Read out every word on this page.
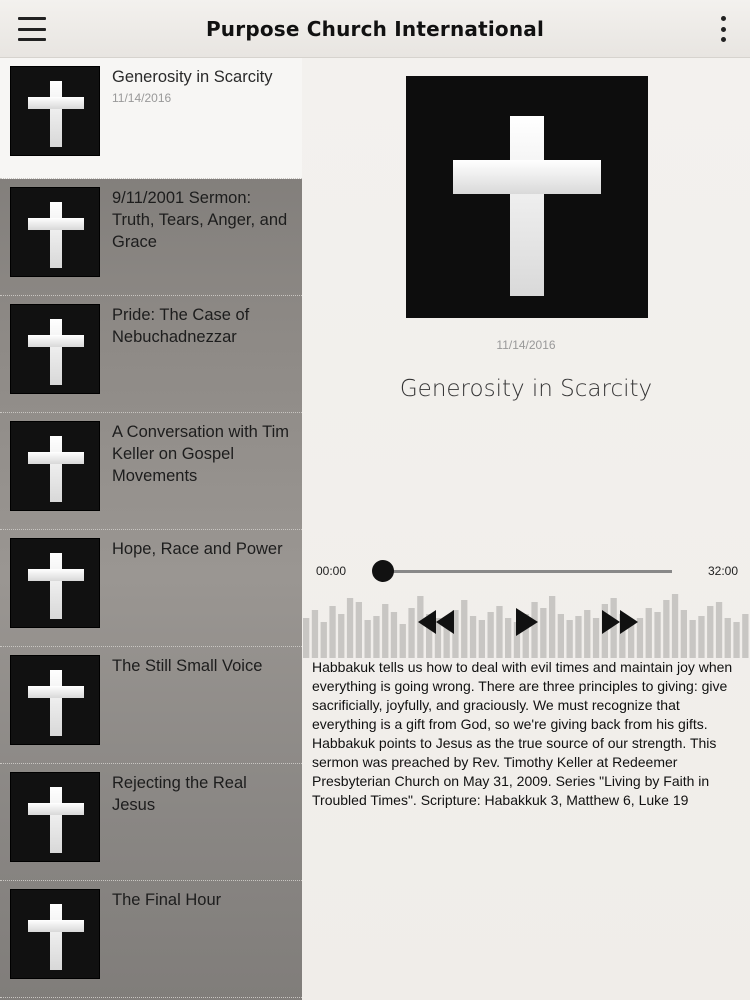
Purpose Church International
Generosity in Scarcity
11/14/2016
9/11/2001 Sermon: Truth, Tears, Anger, and Grace
Pride: The Case of Nebuchadnezzar
A Conversation with Tim Keller on Gospel Movements
Hope, Race and Power
The Still Small Voice
Rejecting the Real Jesus
The Final Hour
11/14/2016
Generosity in Scarcity
00:00	32:00
Habbakuk tells us how to deal with evil times and maintain joy when everything is going wrong. There are three principles to giving: give sacrificially, joyfully, and graciously. We must recognize that everything is a gift from God, so we're giving back from his gifts. Habbakuk points to Jesus as the true source of our strength. This sermon was preached by Rev. Timothy Keller at Redeemer Presbyterian Church on May 31, 2009. Series "Living by Faith in Troubled Times". Scripture: Habakkuk 3, Matthew 6, Luke 19
